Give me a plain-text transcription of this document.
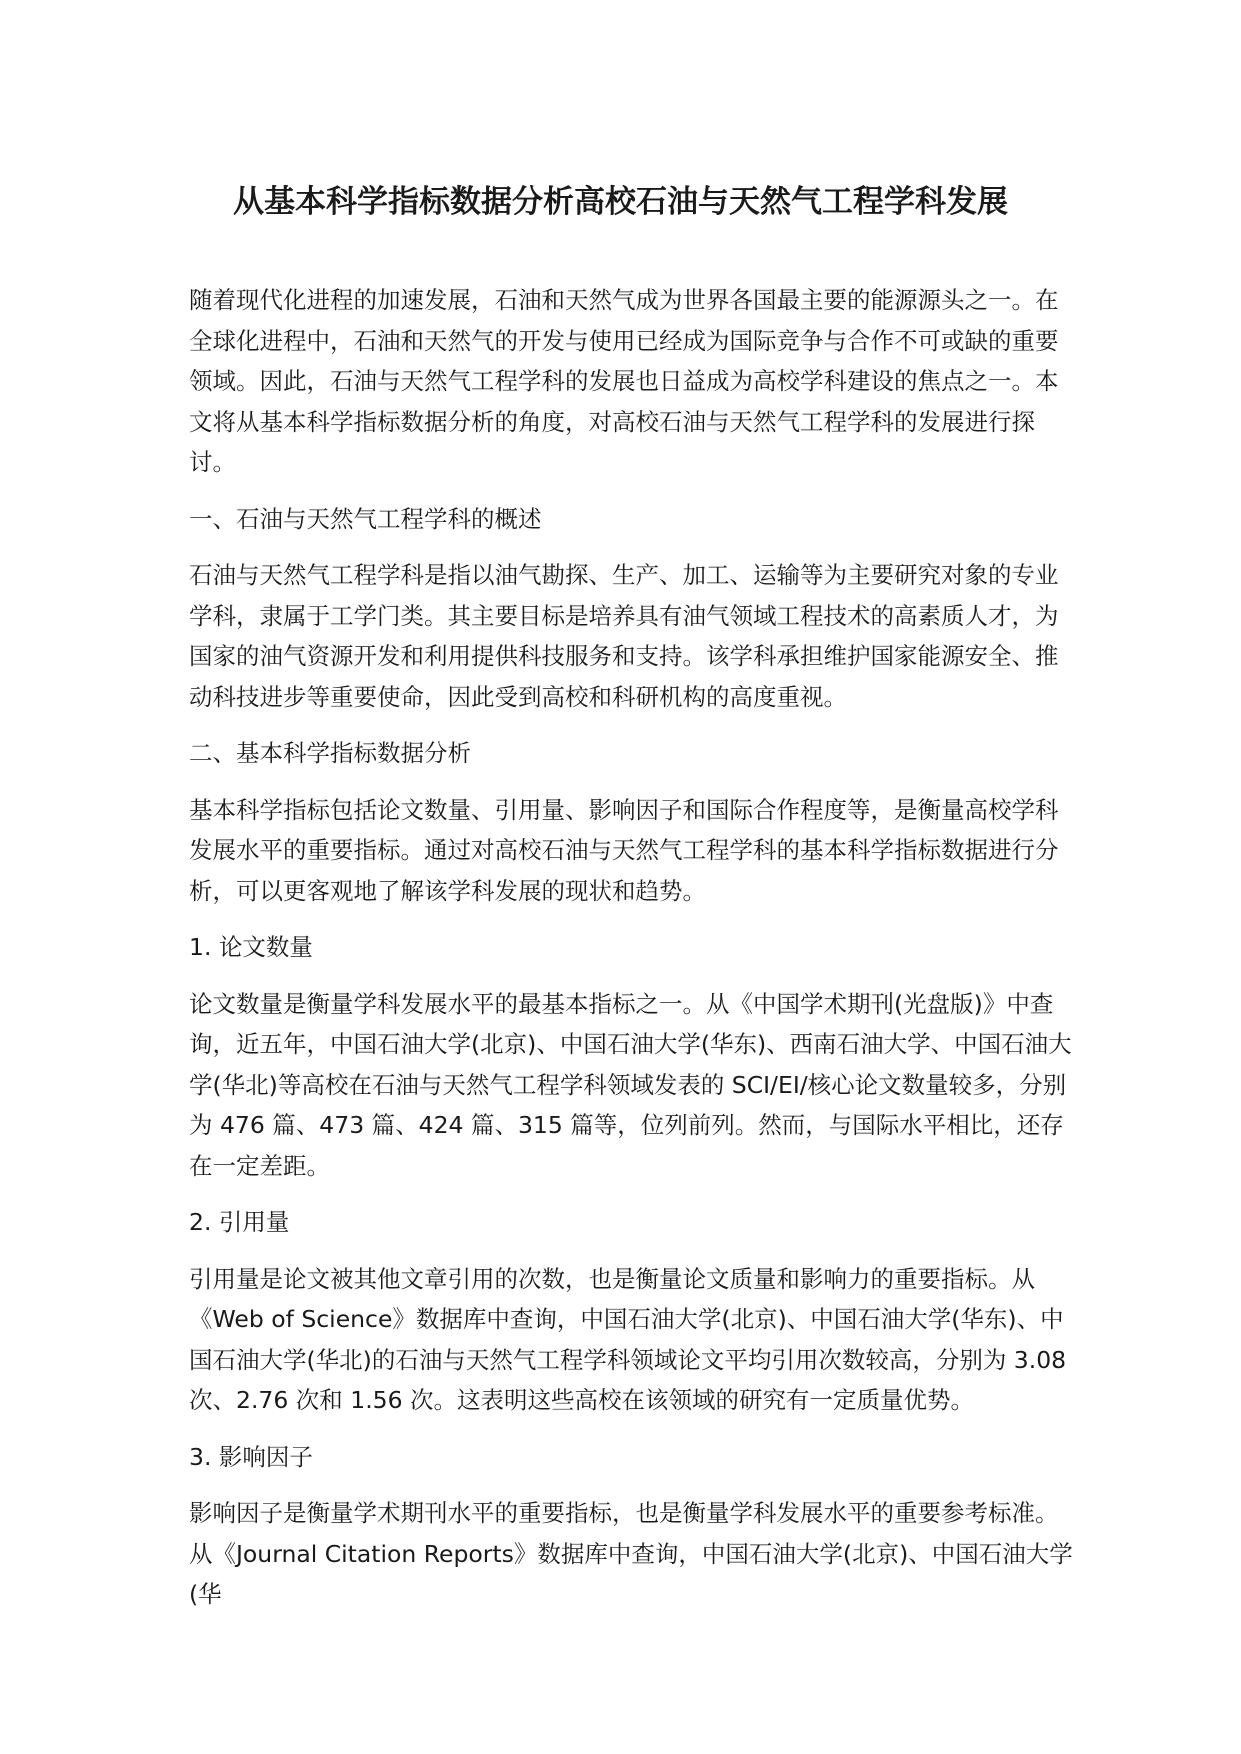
从基本科学指标数据分析高校石油与天然气工程学科发展

随着现代化进程的加速发展，石油和天然气成为世界各国最主要的能源源头之一。在全球化进程中，石油和天然气的开发与使用已经成为国际竞争与合作不可或缺的重要领域。因此，石油与天然气工程学科的发展也日益成为高校学科建设的焦点之一。本文将从基本科学指标数据分析的角度，对高校石油与天然气工程学科的发展进行探讨。

一、石油与天然气工程学科的概述

石油与天然气工程学科是指以油气勘探、生产、加工、运输等为主要研究对象的专业学科，隶属于工学门类。其主要目标是培养具有油气领域工程技术的高素质人才，为国家的油气资源开发和利用提供科技服务和支持。该学科承担维护国家能源安全、推动科技进步等重要使命，因此受到高校和科研机构的高度重视。

二、基本科学指标数据分析

基本科学指标包括论文数量、引用量、影响因子和国际合作程度等，是衡量高校学科发展水平的重要指标。通过对高校石油与天然气工程学科的基本科学指标数据进行分析，可以更客观地了解该学科发展的现状和趋势。

1. 论文数量

论文数量是衡量学科发展水平的最基本指标之一。从《中国学术期刊(光盘版)》中查询，近五年，中国石油大学(北京)、中国石油大学(华东)、西南石油大学、中国石油大学(华北)等高校在石油与天然气工程学科领域发表的 SCI/EI/核心论文数量较多，分别为 476 篇、473 篇、424 篇、315 篇等，位列前列。然而，与国际水平相比，还存在一定差距。

2. 引用量

引用量是论文被其他文章引用的次数，也是衡量论文质量和影响力的重要指标。从《Web of Science》数据库中查询，中国石油大学(北京)、中国石油大学(华东)、中国石油大学(华北)的石油与天然气工程学科领域论文平均引用次数较高，分别为 3.08 次、2.76 次和 1.56 次。这表明这些高校在该领域的研究有一定质量优势。

3. 影响因子

影响因子是衡量学术期刊水平的重要指标，也是衡量学科发展水平的重要参考标准。从《Journal Citation Reports》数据库中查询，中国石油大学(北京)、中国石油大学(华
